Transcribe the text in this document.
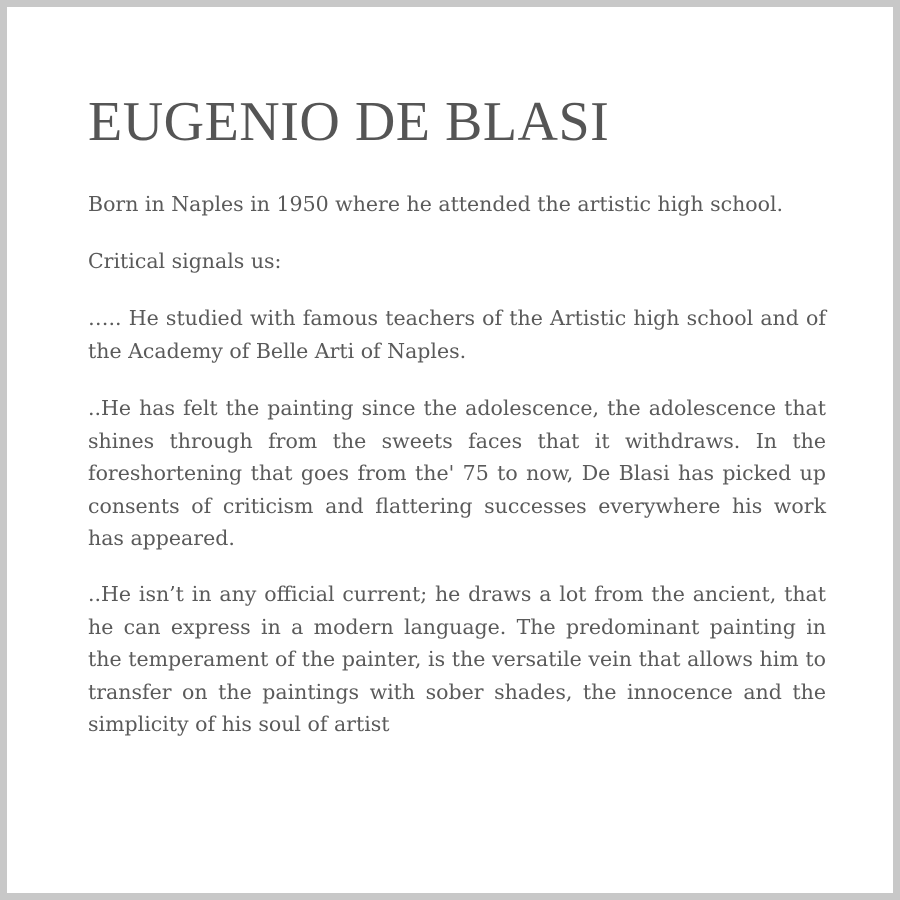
EUGENIO DE BLASI

Born in Naples in 1950 where he attended the artistic high school.

Critical signals us:

….. He studied with famous teachers of the Artistic high school and of the Academy of Belle Arti of Naples.

..He has felt the painting since the adolescence, the adolescence that shines through from the sweets faces that it withdraws. In the foreshortening that goes from the' 75 to now, De Blasi has picked up consents of criticism and flattering successes everywhere his work has appeared.

..He isn’t in any official current; he draws a lot from the ancient, that he can express in a modern language. The predominant painting in the temperament of the painter, is the versatile vein that allows him to transfer on the paintings with sober shades, the innocence and the simplicity of his soul of artist
